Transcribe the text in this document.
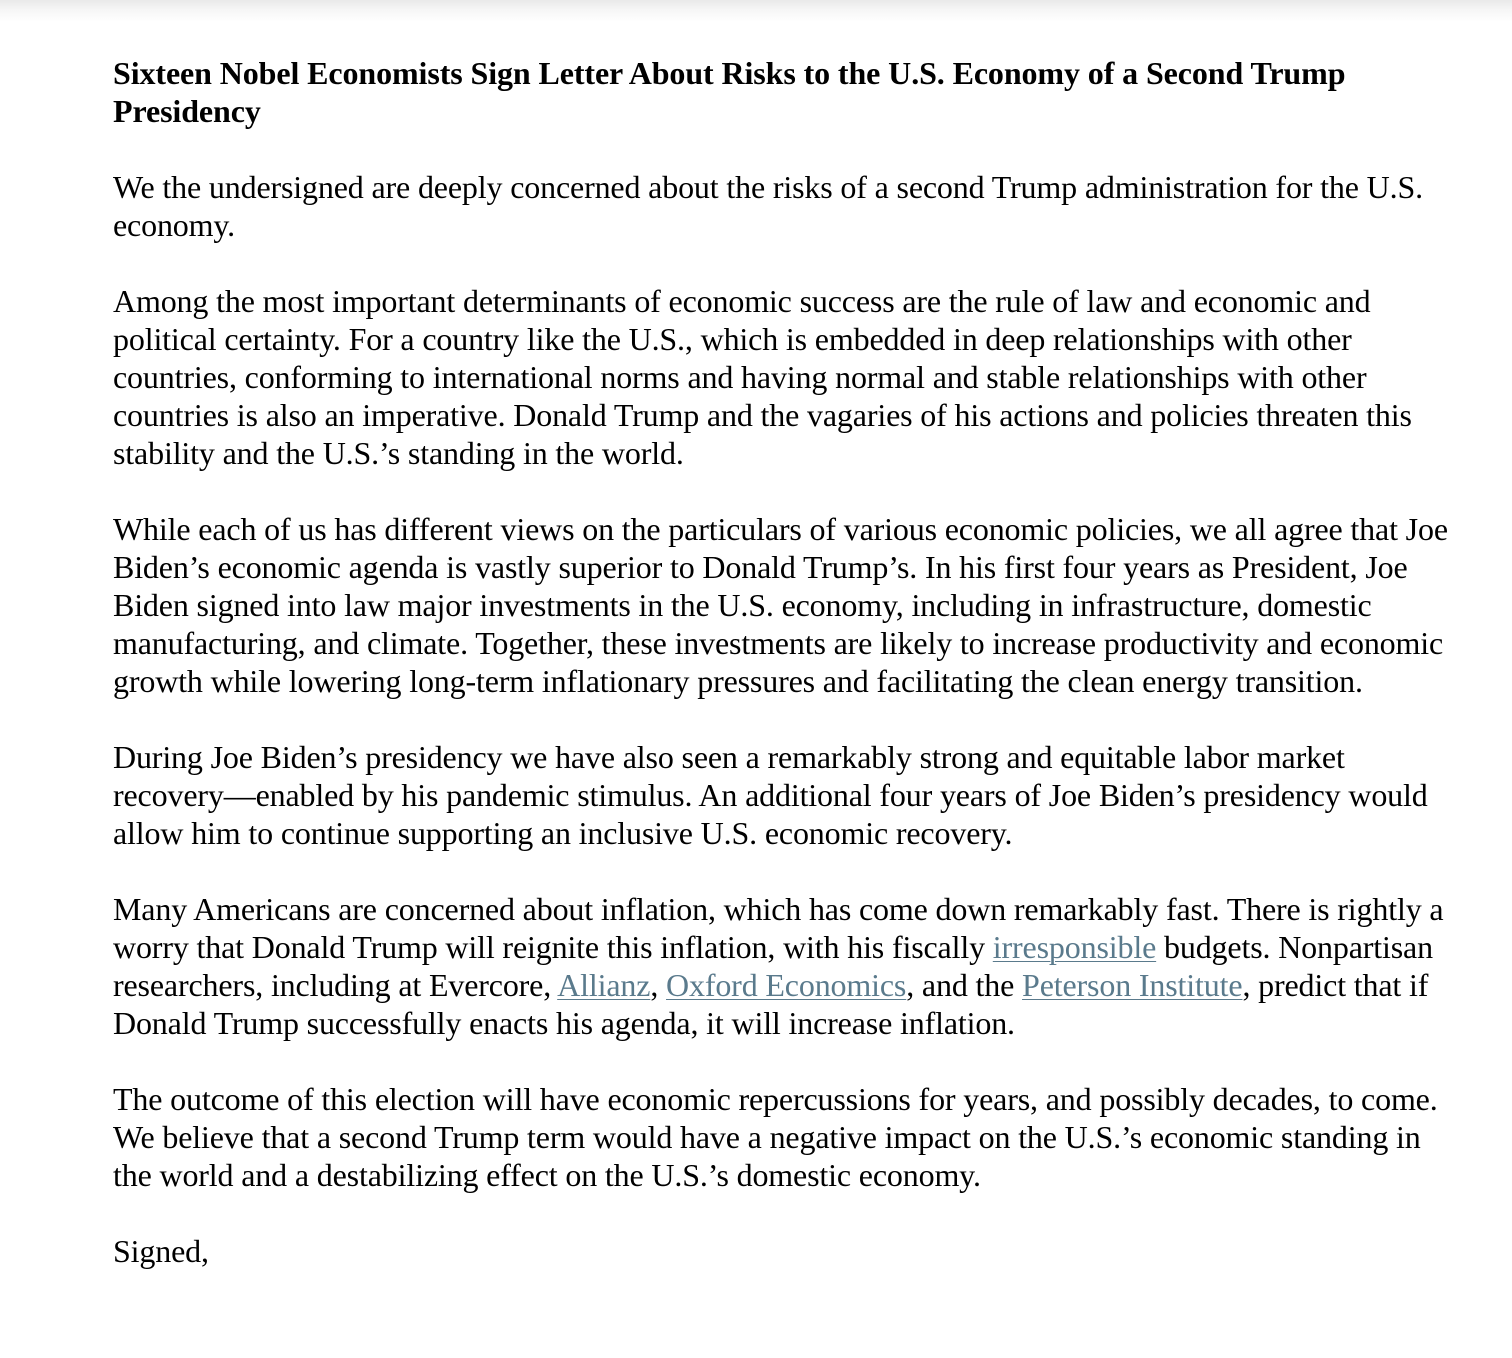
Sixteen Nobel Economists Sign Letter About Risks to the U.S. Economy of a Second Trump Presidency

We the undersigned are deeply concerned about the risks of a second Trump administration for the U.S. economy.

Among the most important determinants of economic success are the rule of law and economic and political certainty. For a country like the U.S., which is embedded in deep relationships with other countries, conforming to international norms and having normal and stable relationships with other countries is also an imperative. Donald Trump and the vagaries of his actions and policies threaten this stability and the U.S.’s standing in the world.

While each of us has different views on the particulars of various economic policies, we all agree that Joe Biden’s economic agenda is vastly superior to Donald Trump’s. In his first four years as President, Joe Biden signed into law major investments in the U.S. economy, including in infrastructure, domestic manufacturing, and climate. Together, these investments are likely to increase productivity and economic growth while lowering long-term inflationary pressures and facilitating the clean energy transition.

During Joe Biden’s presidency we have also seen a remarkably strong and equitable labor market recovery—enabled by his pandemic stimulus. An additional four years of Joe Biden’s presidency would allow him to continue supporting an inclusive U.S. economic recovery.

Many Americans are concerned about inflation, which has come down remarkably fast. There is rightly a worry that Donald Trump will reignite this inflation, with his fiscally irresponsible budgets. Nonpartisan researchers, including at Evercore, Allianz, Oxford Economics, and the Peterson Institute, predict that if Donald Trump successfully enacts his agenda, it will increase inflation.

The outcome of this election will have economic repercussions for years, and possibly decades, to come. We believe that a second Trump term would have a negative impact on the U.S.’s economic standing in the world and a destabilizing effect on the U.S.’s domestic economy.

Signed,
